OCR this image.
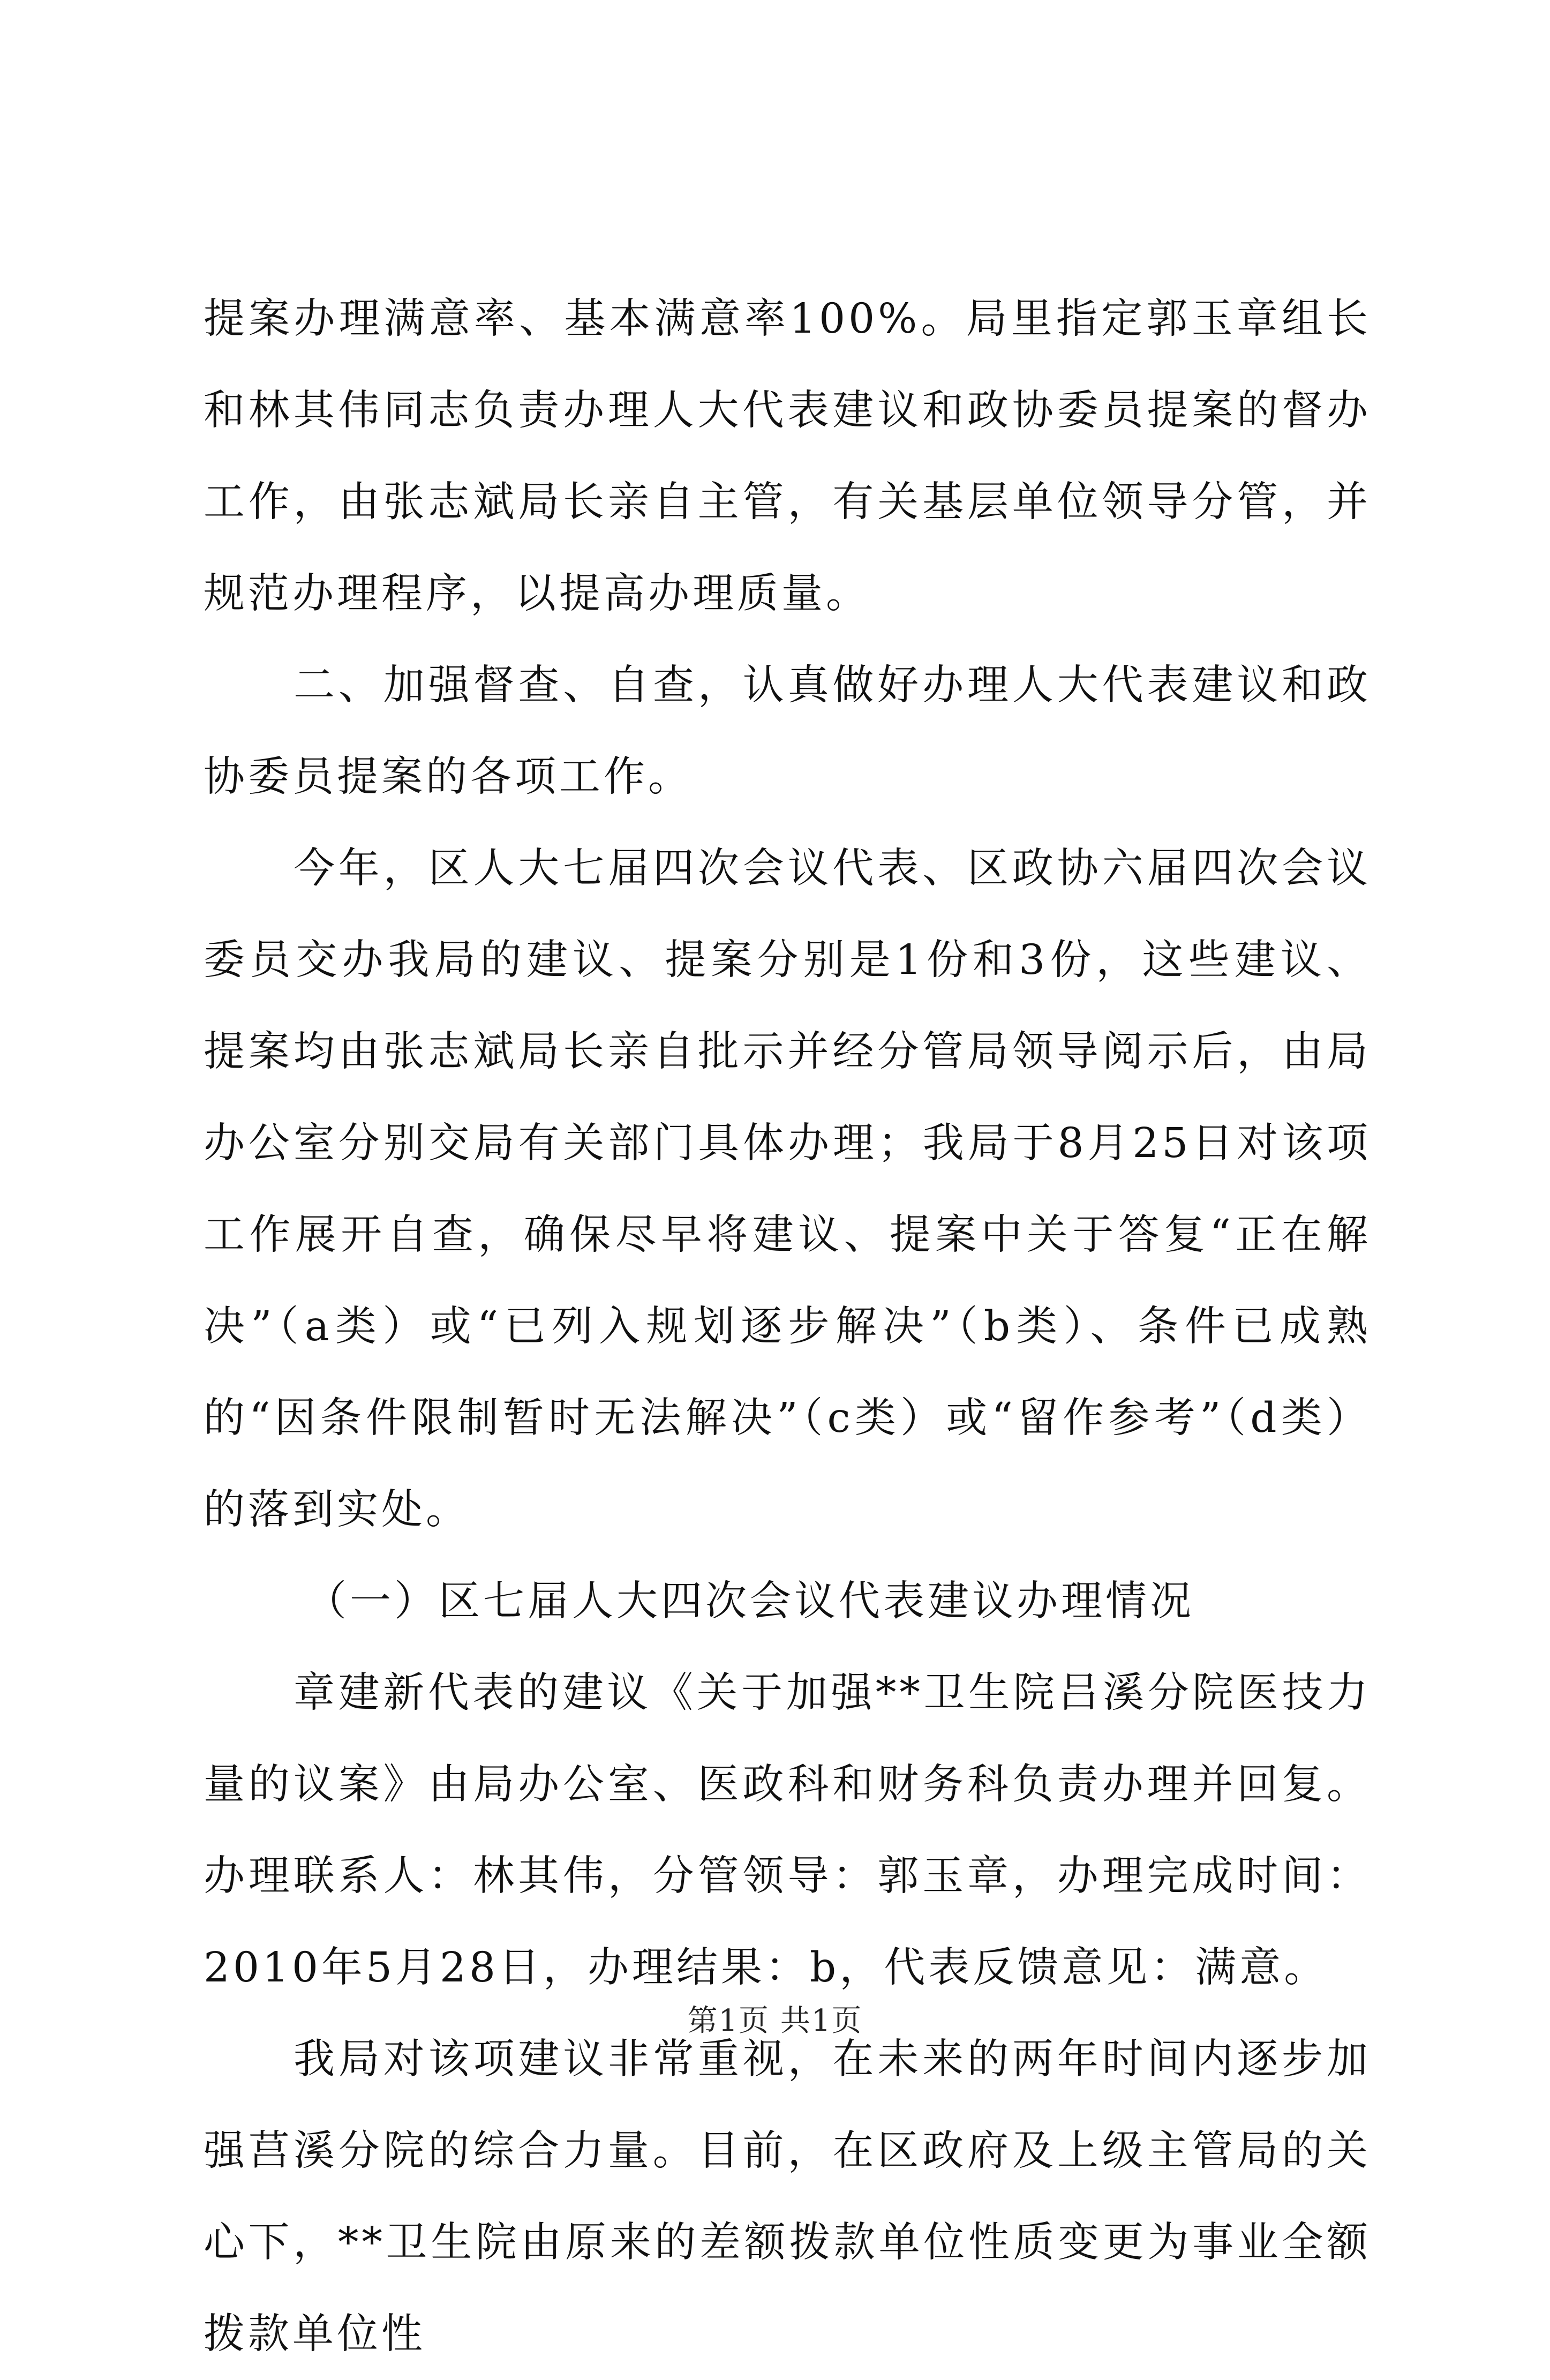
提案办理满意率、基本满意率100%。局里指定郭玉章组长和林其伟同志负责办理人大代表建议和政协委员提案的督办工作，由张志斌局长亲自主管，有关基层单位领导分管，并规范办理程序，以提高办理质量。

二、加强督查、自查，认真做好办理人大代表建议和政协委员提案的各项工作。

今年，区人大七届四次会议代表、区政协六届四次会议委员交办我局的建议、提案分别是1份和3份，这些建议、提案均由张志斌局长亲自批示并经分管局领导阅示后，由局办公室分别交局有关部门具体办理；我局于8月25日对该项工作展开自查，确保尽早将建议、提案中关于答复“正在解决”（a类）或“已列入规划逐步解决”（b类）、条件已成熟的“因条件限制暂时无法解决”（c类）或“留作参考”（d类）的落到实处。

（一）区七届人大四次会议代表建议办理情况

章建新代表的建议《关于加强**卫生院吕溪分院医技力量的议案》由局办公室、医政科和财务科负责办理并回复。办理联系人：林其伟，分管领导：郭玉章，办理完成时间：2010年5月28日，办理结果：b，代表反馈意见：满意。

我局对该项建议非常重视，在未来的两年时间内逐步加强莒溪分院的综合力量。目前，在区政府及上级主管局的关心下，**卫生院由原来的差额拨款单位性质变更为事业全额拨款单位性

第1页 共1页
